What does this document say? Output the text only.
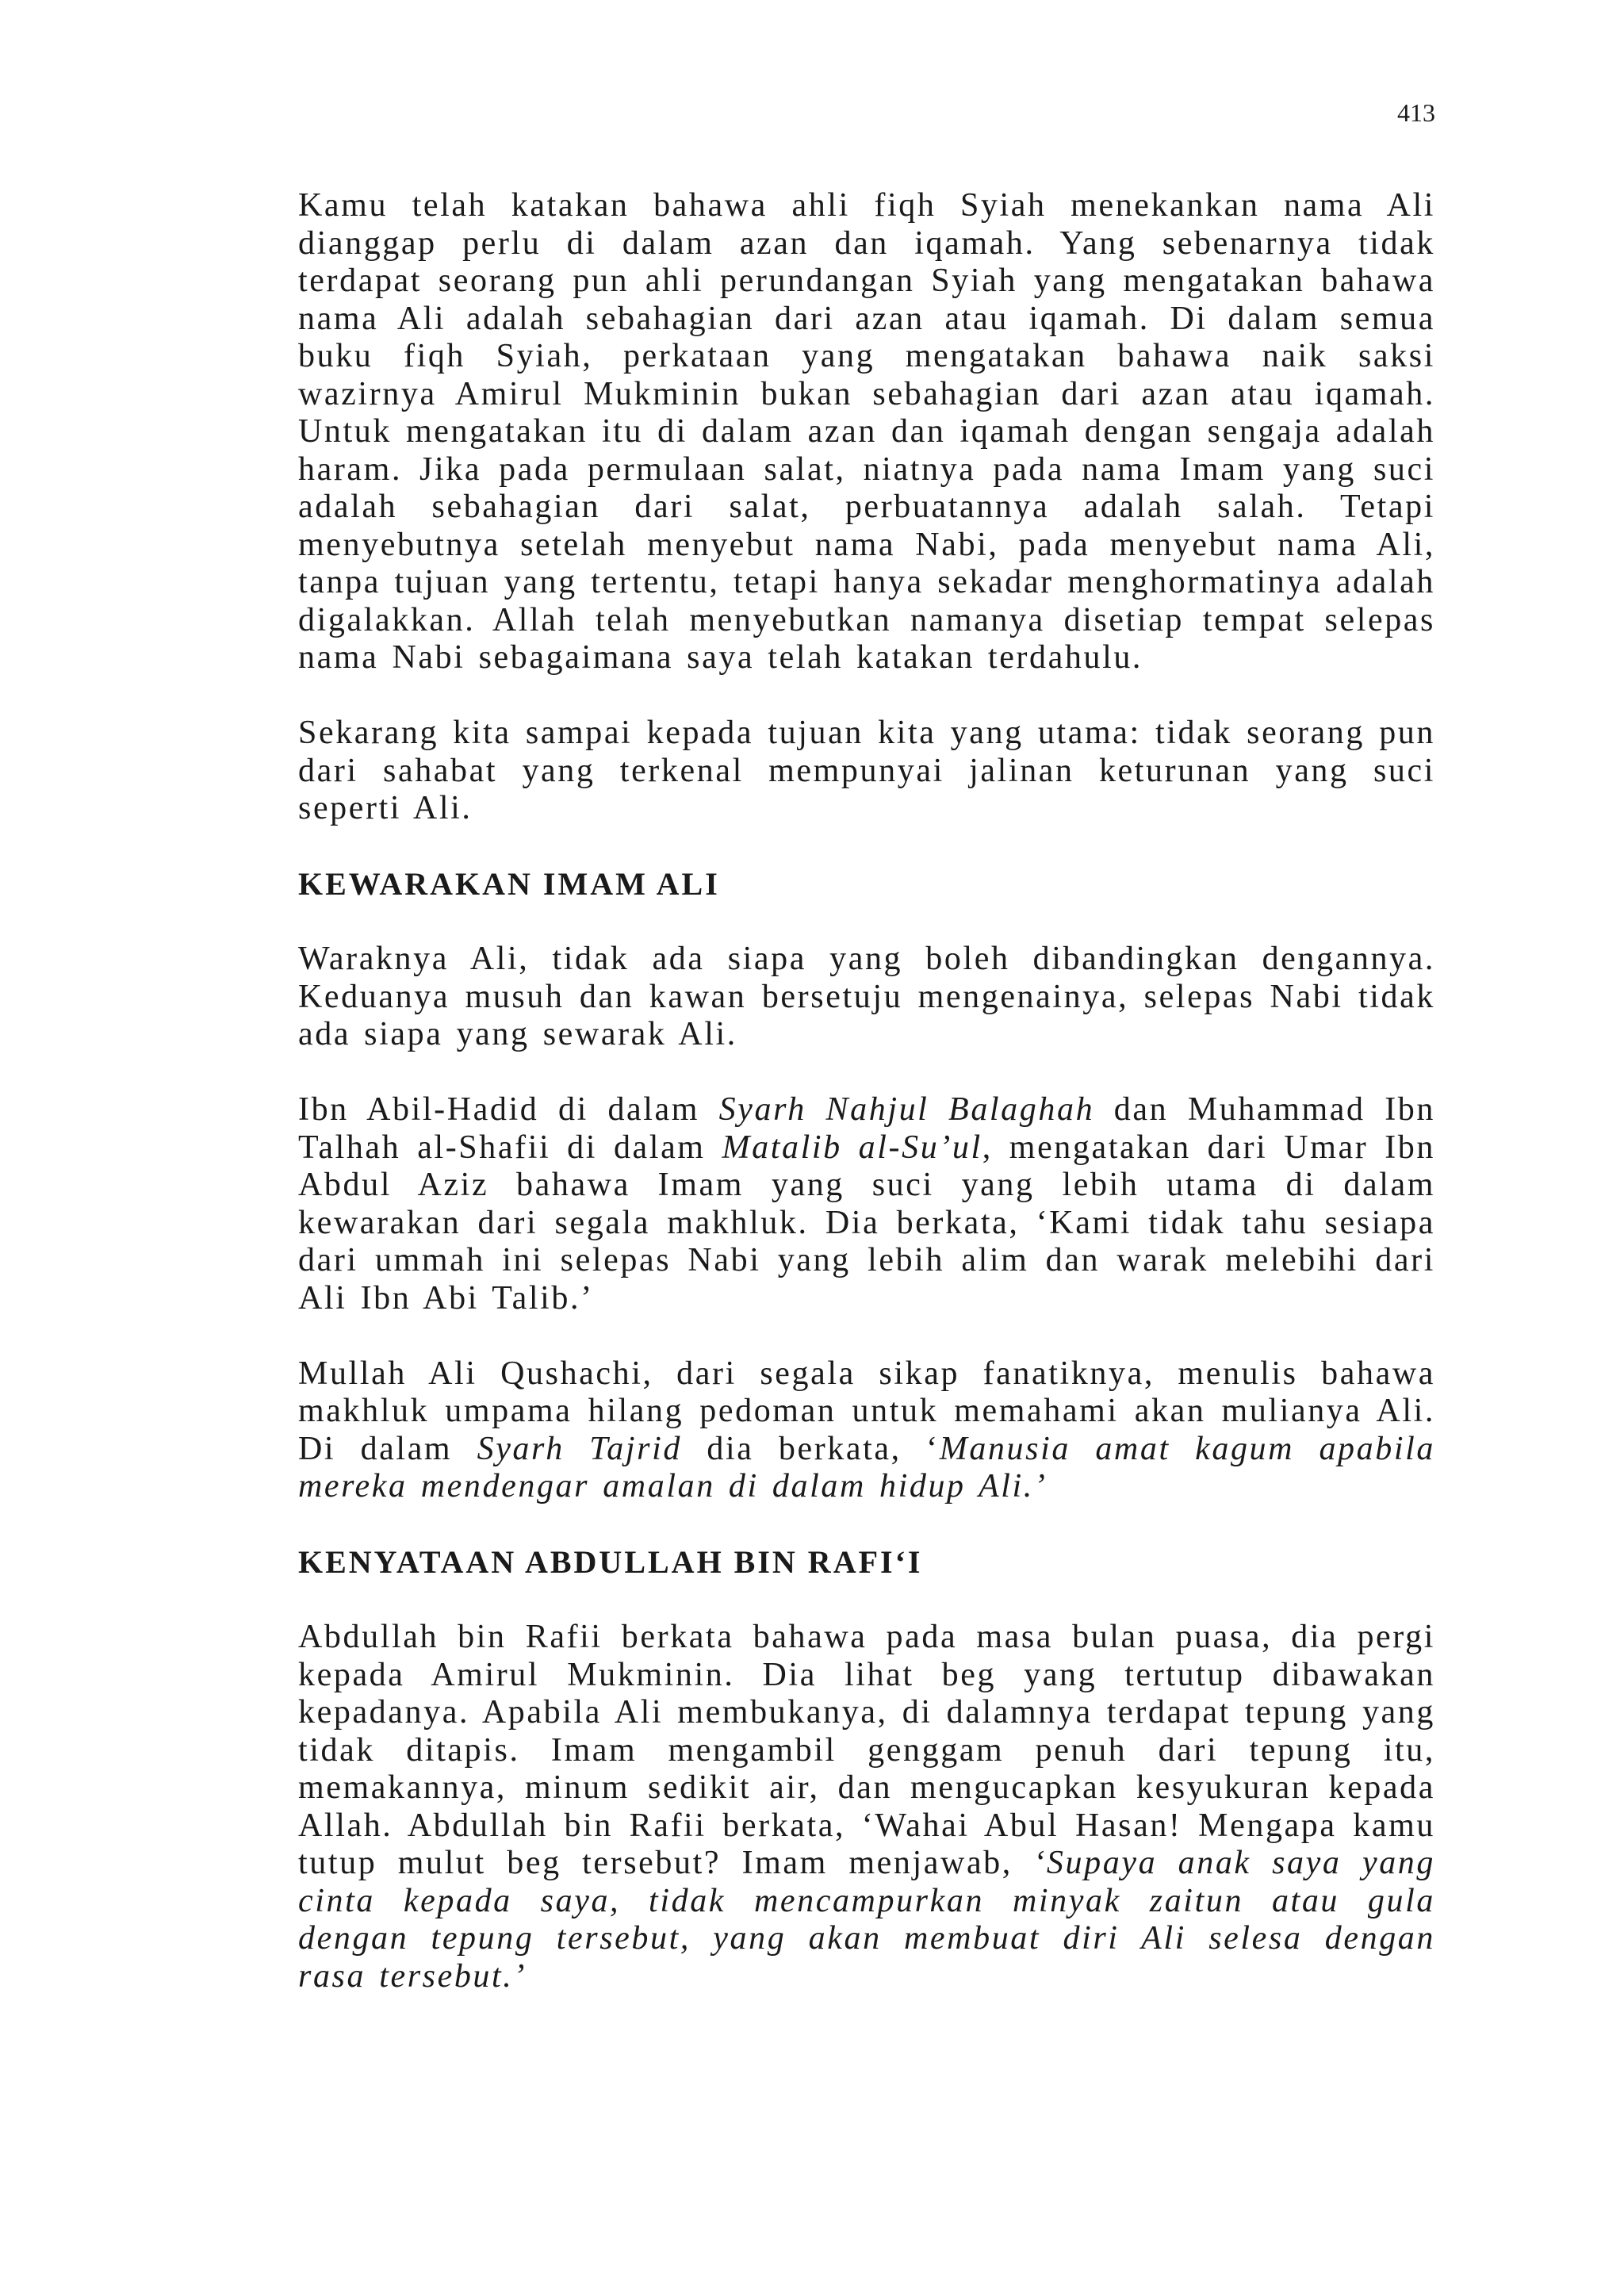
413

Kamu telah katakan bahawa ahli fiqh Syiah menekankan nama Ali dianggap perlu di dalam azan dan iqamah. Yang sebenarnya tidak terdapat seorang pun ahli perundangan Syiah yang mengatakan bahawa nama Ali adalah sebahagian dari azan atau iqamah. Di dalam semua buku fiqh Syiah, perkataan yang mengatakan bahawa naik saksi wazirnya Amirul Mukminin bukan sebahagian dari azan atau iqamah. Untuk mengatakan itu di dalam azan dan iqamah dengan sengaja adalah haram. Jika pada permulaan salat, niatnya pada nama Imam yang suci adalah sebahagian dari salat, perbuatannya adalah salah. Tetapi menyebutnya setelah menyebut nama Nabi, pada menyebut nama Ali, tanpa tujuan yang tertentu, tetapi hanya sekadar menghormatinya adalah digalakkan. Allah telah menyebutkan namanya disetiap tempat selepas nama Nabi sebagaimana saya telah katakan terdahulu.

Sekarang kita sampai kepada tujuan kita yang utama: tidak seorang pun dari sahabat yang terkenal mempunyai jalinan keturunan yang suci seperti Ali.

KEWARAKAN IMAM ALI

Waraknya Ali, tidak ada siapa yang boleh dibandingkan dengannya. Keduanya musuh dan kawan bersetuju mengenainya, selepas Nabi tidak ada siapa yang sewarak Ali.

Ibn Abil-Hadid di dalam Syarh Nahjul Balaghah dan Muhammad Ibn Talhah al-Shafii di dalam Matalib al-Su’ul, mengatakan dari Umar Ibn Abdul Aziz bahawa Imam yang suci yang lebih utama di dalam kewarakan dari segala makhluk. Dia berkata, ‘Kami tidak tahu sesiapa dari ummah ini selepas Nabi yang lebih alim dan warak melebihi dari Ali Ibn Abi Talib.’

Mullah Ali Qushachi, dari segala sikap fanatiknya, menulis bahawa makhluk umpama hilang pedoman untuk memahami akan mulianya Ali. Di dalam Syarh Tajrid dia berkata, ‘Manusia amat kagum apabila mereka mendengar amalan di dalam hidup Ali.’

KENYATAAN ABDULLAH BIN RAFI‘I

Abdullah bin Rafii berkata bahawa pada masa bulan puasa, dia pergi kepada Amirul Mukminin. Dia lihat beg yang tertutup dibawakan kepadanya. Apabila Ali membukanya, di dalamnya terdapat tepung yang tidak ditapis. Imam mengambil genggam penuh dari tepung itu, memakannya, minum sedikit air, dan mengucapkan kesyukuran kepada Allah. Abdullah bin Rafii berkata, ‘Wahai Abul Hasan! Mengapa kamu tutup mulut beg tersebut? Imam menjawab, ‘Supaya anak saya yang cinta kepada saya, tidak mencampurkan minyak zaitun atau gula dengan tepung tersebut, yang akan membuat diri Ali selesa dengan rasa tersebut.’
